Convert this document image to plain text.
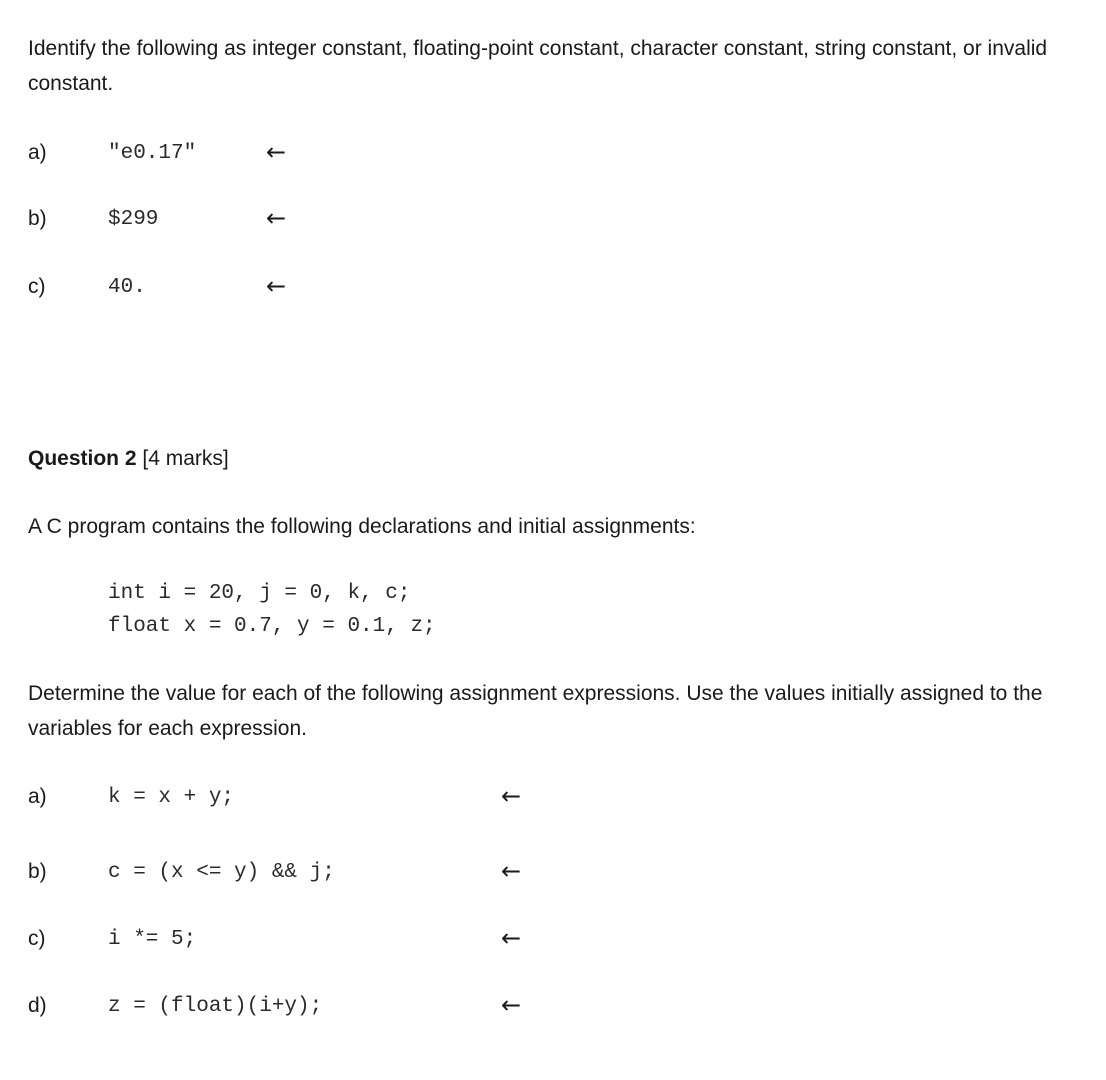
Identify the following as integer constant, floating-point constant, character constant, string constant, or invalid constant.
a)	"e0.17"	←
b)	$299	←
c)	40.	←
Question 2 [4 marks]
A C program contains the following declarations and initial assignments:
int i = 20, j = 0, k, c;
float x = 0.7, y = 0.1, z;
Determine the value for each of the following assignment expressions. Use the values initially assigned to the variables for each expression.
a)	k = x + y;	←
b)	c = (x <= y) && j;	←
c)	i *= 5;	←
d)	z = (float)(i+y);	←
